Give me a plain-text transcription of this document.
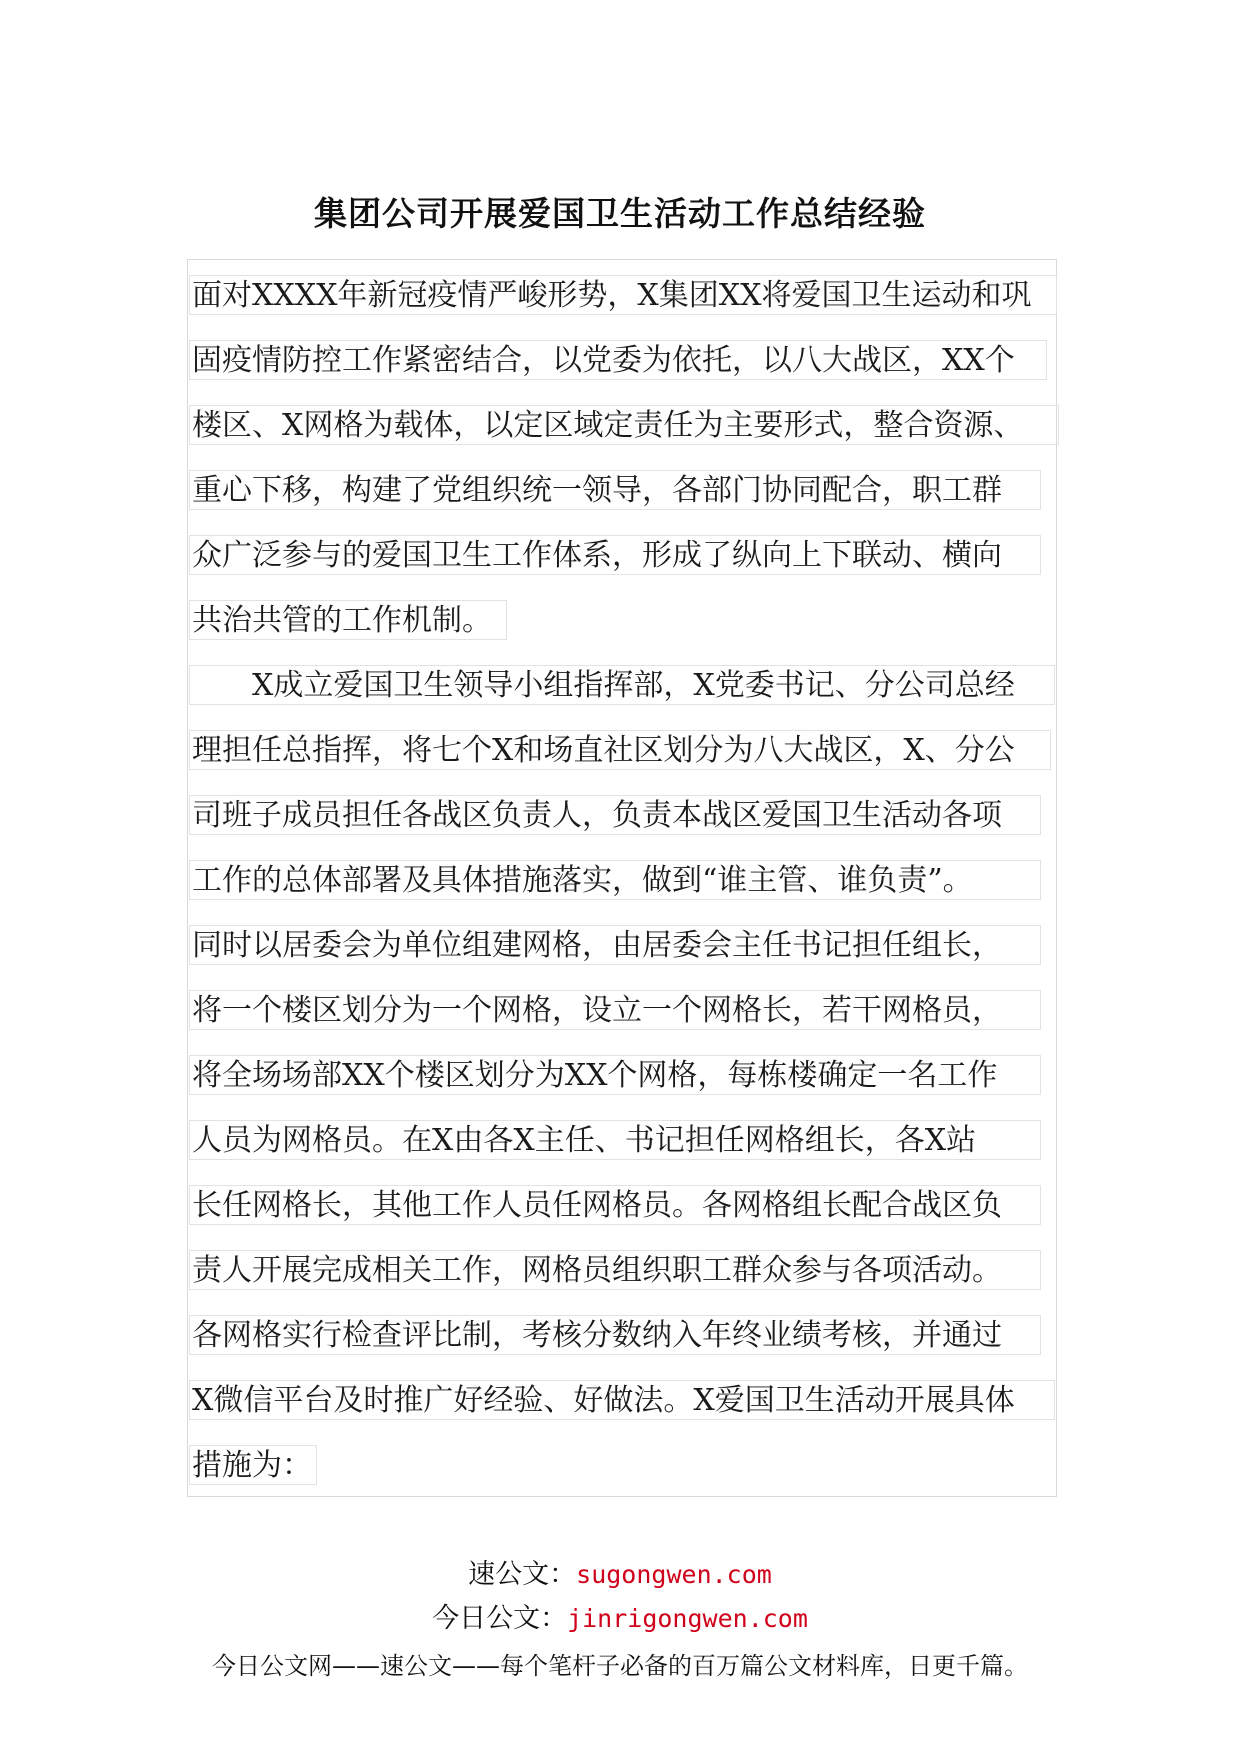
集团公司开展爱国卫生活动工作总结经验
面对XXXX年新冠疫情严峻形势，X集团XX将爱国卫生运动和巩
固疫情防控工作紧密结合，以党委为依托，以八大战区，XX个
楼区、X网格为载体，以定区域定责任为主要形式，整合资源、
重心下移，构建了党组织统一领导，各部门协同配合，职工群
众广泛参与的爱国卫生工作体系，形成了纵向上下联动、横向
共治共管的工作机制。
X成立爱国卫生领导小组指挥部，X党委书记、分公司总经
理担任总指挥，将七个X和场直社区划分为八大战区，X、分公
司班子成员担任各战区负责人，负责本战区爱国卫生活动各项
工作的总体部署及具体措施落实，做到“谁主管、谁负责”。
同时以居委会为单位组建网格，由居委会主任书记担任组长，
将一个楼区划分为一个网格，设立一个网格长，若干网格员，
将全场场部XX个楼区划分为XX个网格，每栋楼确定一名工作
人员为网格员。在X由各X主任、书记担任网格组长，各X站
长任网格长，其他工作人员任网格员。各网格组长配合战区负
责人开展完成相关工作，网格员组织职工群众参与各项活动。
各网格实行检查评比制，考核分数纳入年终业绩考核，并通过
X微信平台及时推广好经验、好做法。X爱国卫生活动开展具体
措施为：
速公文：sugongwen.com
今日公文：jinrigongwen.com
今日公文网——速公文——每个笔杆子必备的百万篇公文材料库，日更千篇。
